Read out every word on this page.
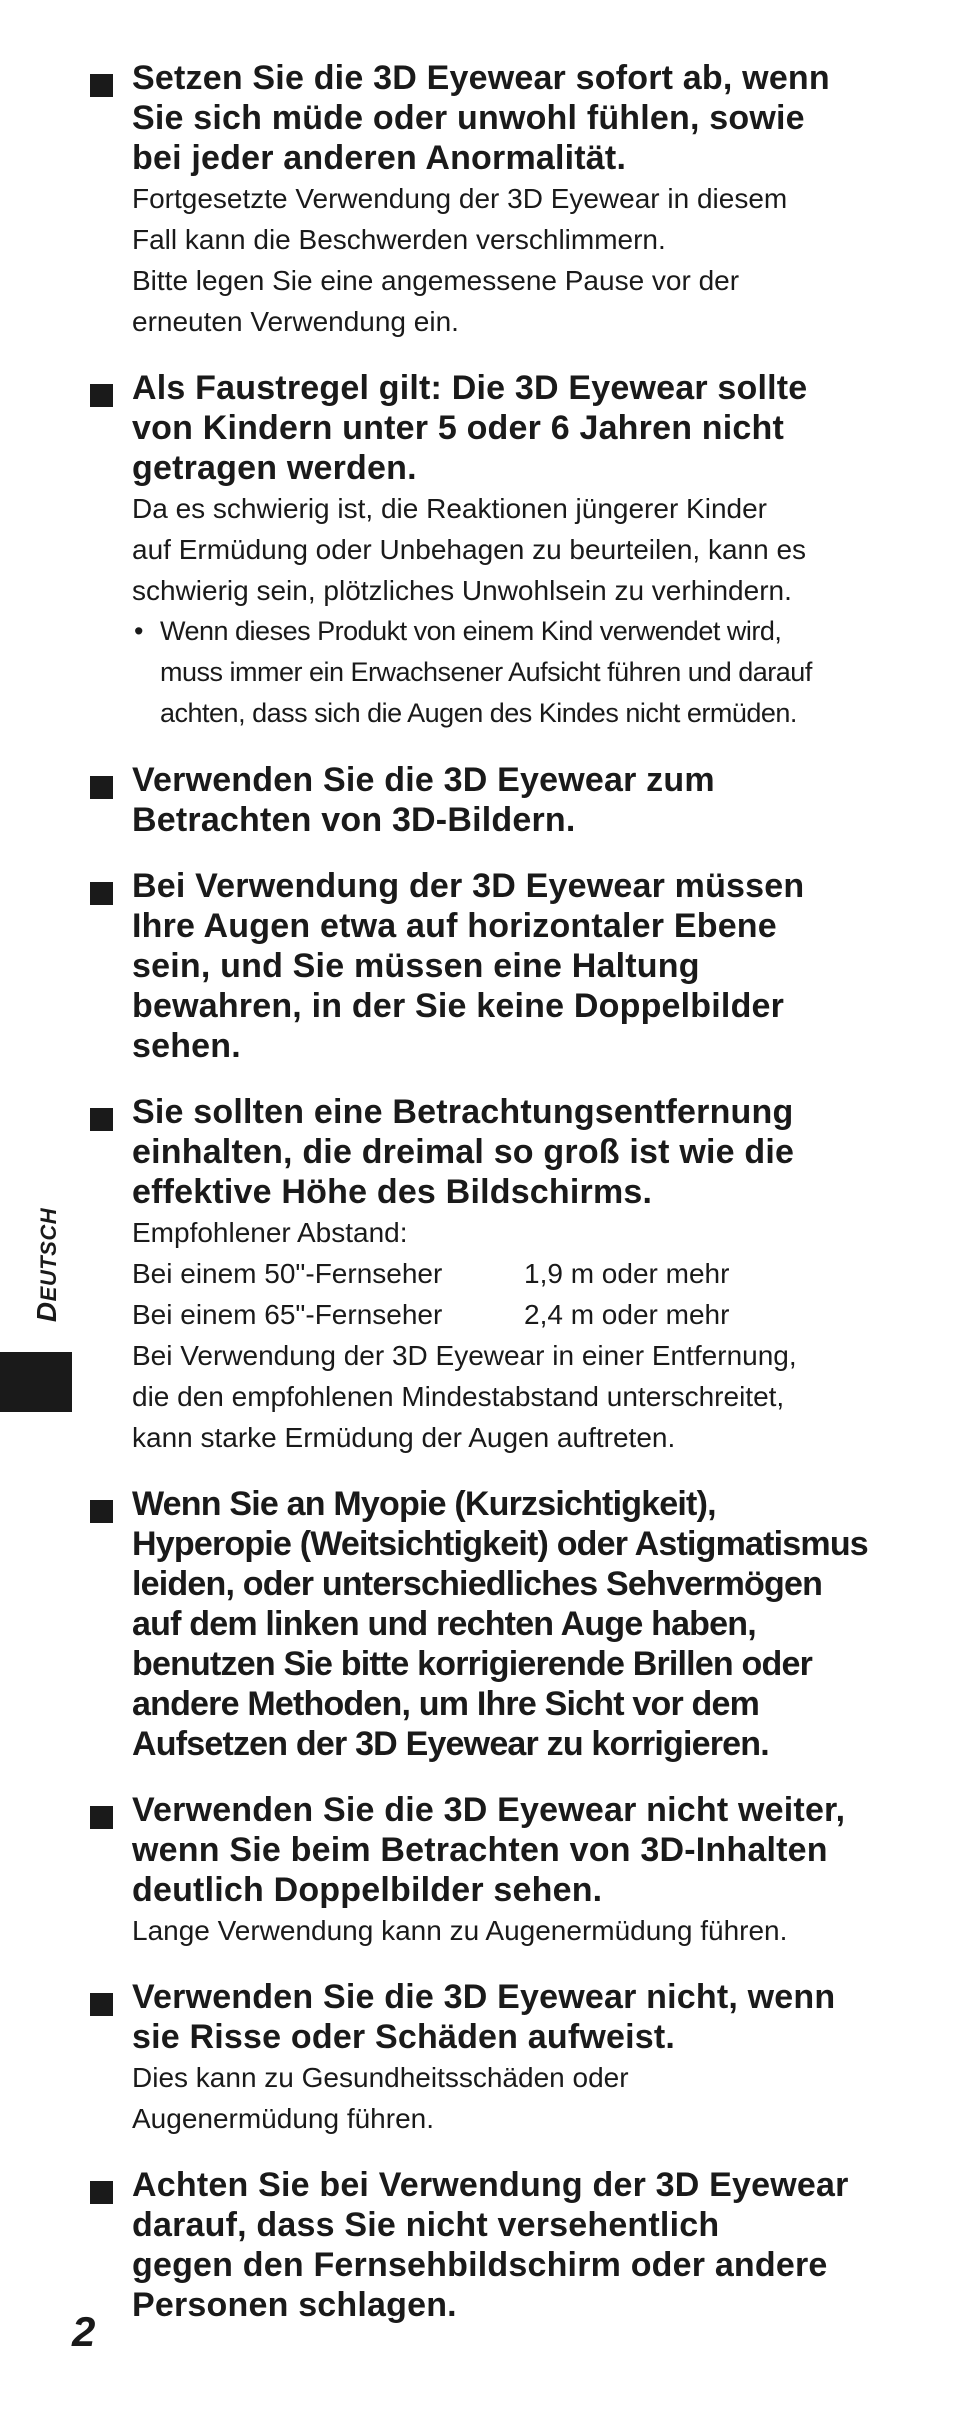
Setzen Sie die 3D Eyewear sofort ab, wenn
Sie sich müde oder unwohl fühlen, sowie
bei jeder anderen Anormalität.

Fortgesetzte Verwendung der 3D Eyewear in diesem

Fall kann die Beschwerden verschlimmern.

Bitte legen Sie eine angemessene Pause vor der

erneuten Verwendung ein.

Als Faustregel gilt: Die 3D Eyewear sollte
von Kindern unter 5 oder 6 Jahren nicht
getragen werden.

Da es schwierig ist, die Reaktionen jüngerer Kinder

auf Ermüdung oder Unbehagen zu beurteilen, kann es

schwierig sein, plötzliches Unwohlsein zu verhindern.

• Wenn dieses Produkt von einem Kind verwendet wird,
muss immer ein Erwachsener Aufsicht führen und darauf
achten, dass sich die Augen des Kindes nicht ermüden.
Verwenden Sie die 3D Eyewear zum
Betrachten von 3D-Bildern.
Bei Verwendung der 3D Eyewear müssen
Ihre Augen etwa auf horizontaler Ebene
sein, und Sie müssen eine Haltung
bewahren, in der Sie keine Doppelbilder
sehen.
Sie sollten eine Betrachtungsentfernung
einhalten, die dreimal so groß ist wie die
effektive Höhe des Bildschirms.

Empfohlener Abstand:

Bei einem 50"-Fernseher	1,9 m oder mehr
Bei einem 65"-Fernseher	2,4 m oder mehr

Bei Verwendung der 3D Eyewear in einer Entfernung,

die den empfohlenen Mindestabstand unterschreitet,

kann starke Ermüdung der Augen auftreten.

Wenn Sie an Myopie (Kurzsichtigkeit),
Hyperopie (Weitsichtigkeit) oder Astigmatismus
leiden, oder unterschiedliches Sehvermögen
auf dem linken und rechten Auge haben,
benutzen Sie bitte korrigierende Brillen oder
andere Methoden, um Ihre Sicht vor dem
Aufsetzen der 3D Eyewear zu korrigieren.
Verwenden Sie die 3D Eyewear nicht weiter,
wenn Sie beim Betrachten von 3D-Inhalten
deutlich Doppelbilder sehen.

Lange Verwendung kann zu Augenermüdung führen.

Verwenden Sie die 3D Eyewear nicht, wenn
sie Risse oder Schäden aufweist.

Dies kann zu Gesundheitsschäden oder

Augenermüdung führen.

Achten Sie bei Verwendung der 3D Eyewear
darauf, dass Sie nicht versehentlich
gegen den Fernsehbildschirm oder andere
Personen schlagen.
DEUTSCH
2
